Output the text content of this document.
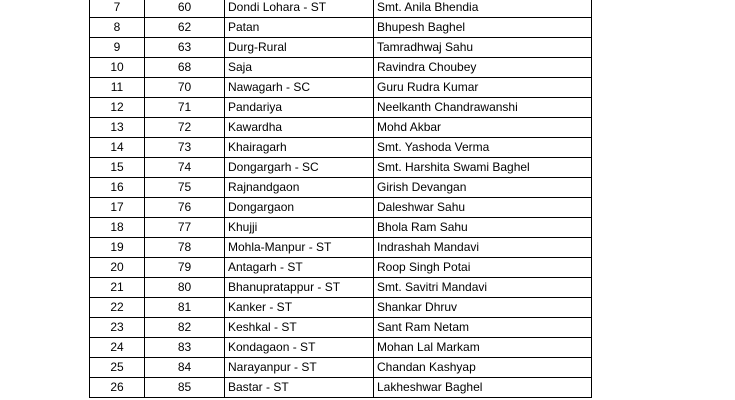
7	60	Dondi Lohara - ST	Smt. Anila Bhendia
8	62	Patan	Bhupesh Baghel
9	63	Durg-Rural	Tamradhwaj Sahu
10	68	Saja	Ravindra Choubey
11	70	Nawagarh - SC	Guru Rudra Kumar
12	71	Pandariya	Neelkanth Chandrawanshi
13	72	Kawardha	Mohd Akbar
14	73	Khairagarh	Smt. Yashoda Verma
15	74	Dongargarh - SC	Smt. Harshita Swami Baghel
16	75	Rajnandgaon	Girish Devangan
17	76	Dongargaon	Daleshwar Sahu
18	77	Khujji	Bhola Ram Sahu
19	78	Mohla-Manpur - ST	Indrashah Mandavi
20	79	Antagarh - ST	Roop Singh Potai
21	80	Bhanupratappur - ST	Smt. Savitri Mandavi
22	81	Kanker - ST	Shankar Dhruv
23	82	Keshkal - ST	Sant Ram Netam
24	83	Kondagaon - ST	Mohan Lal Markam
25	84	Narayanpur - ST	Chandan Kashyap
26	85	Bastar - ST	Lakheshwar Baghel
